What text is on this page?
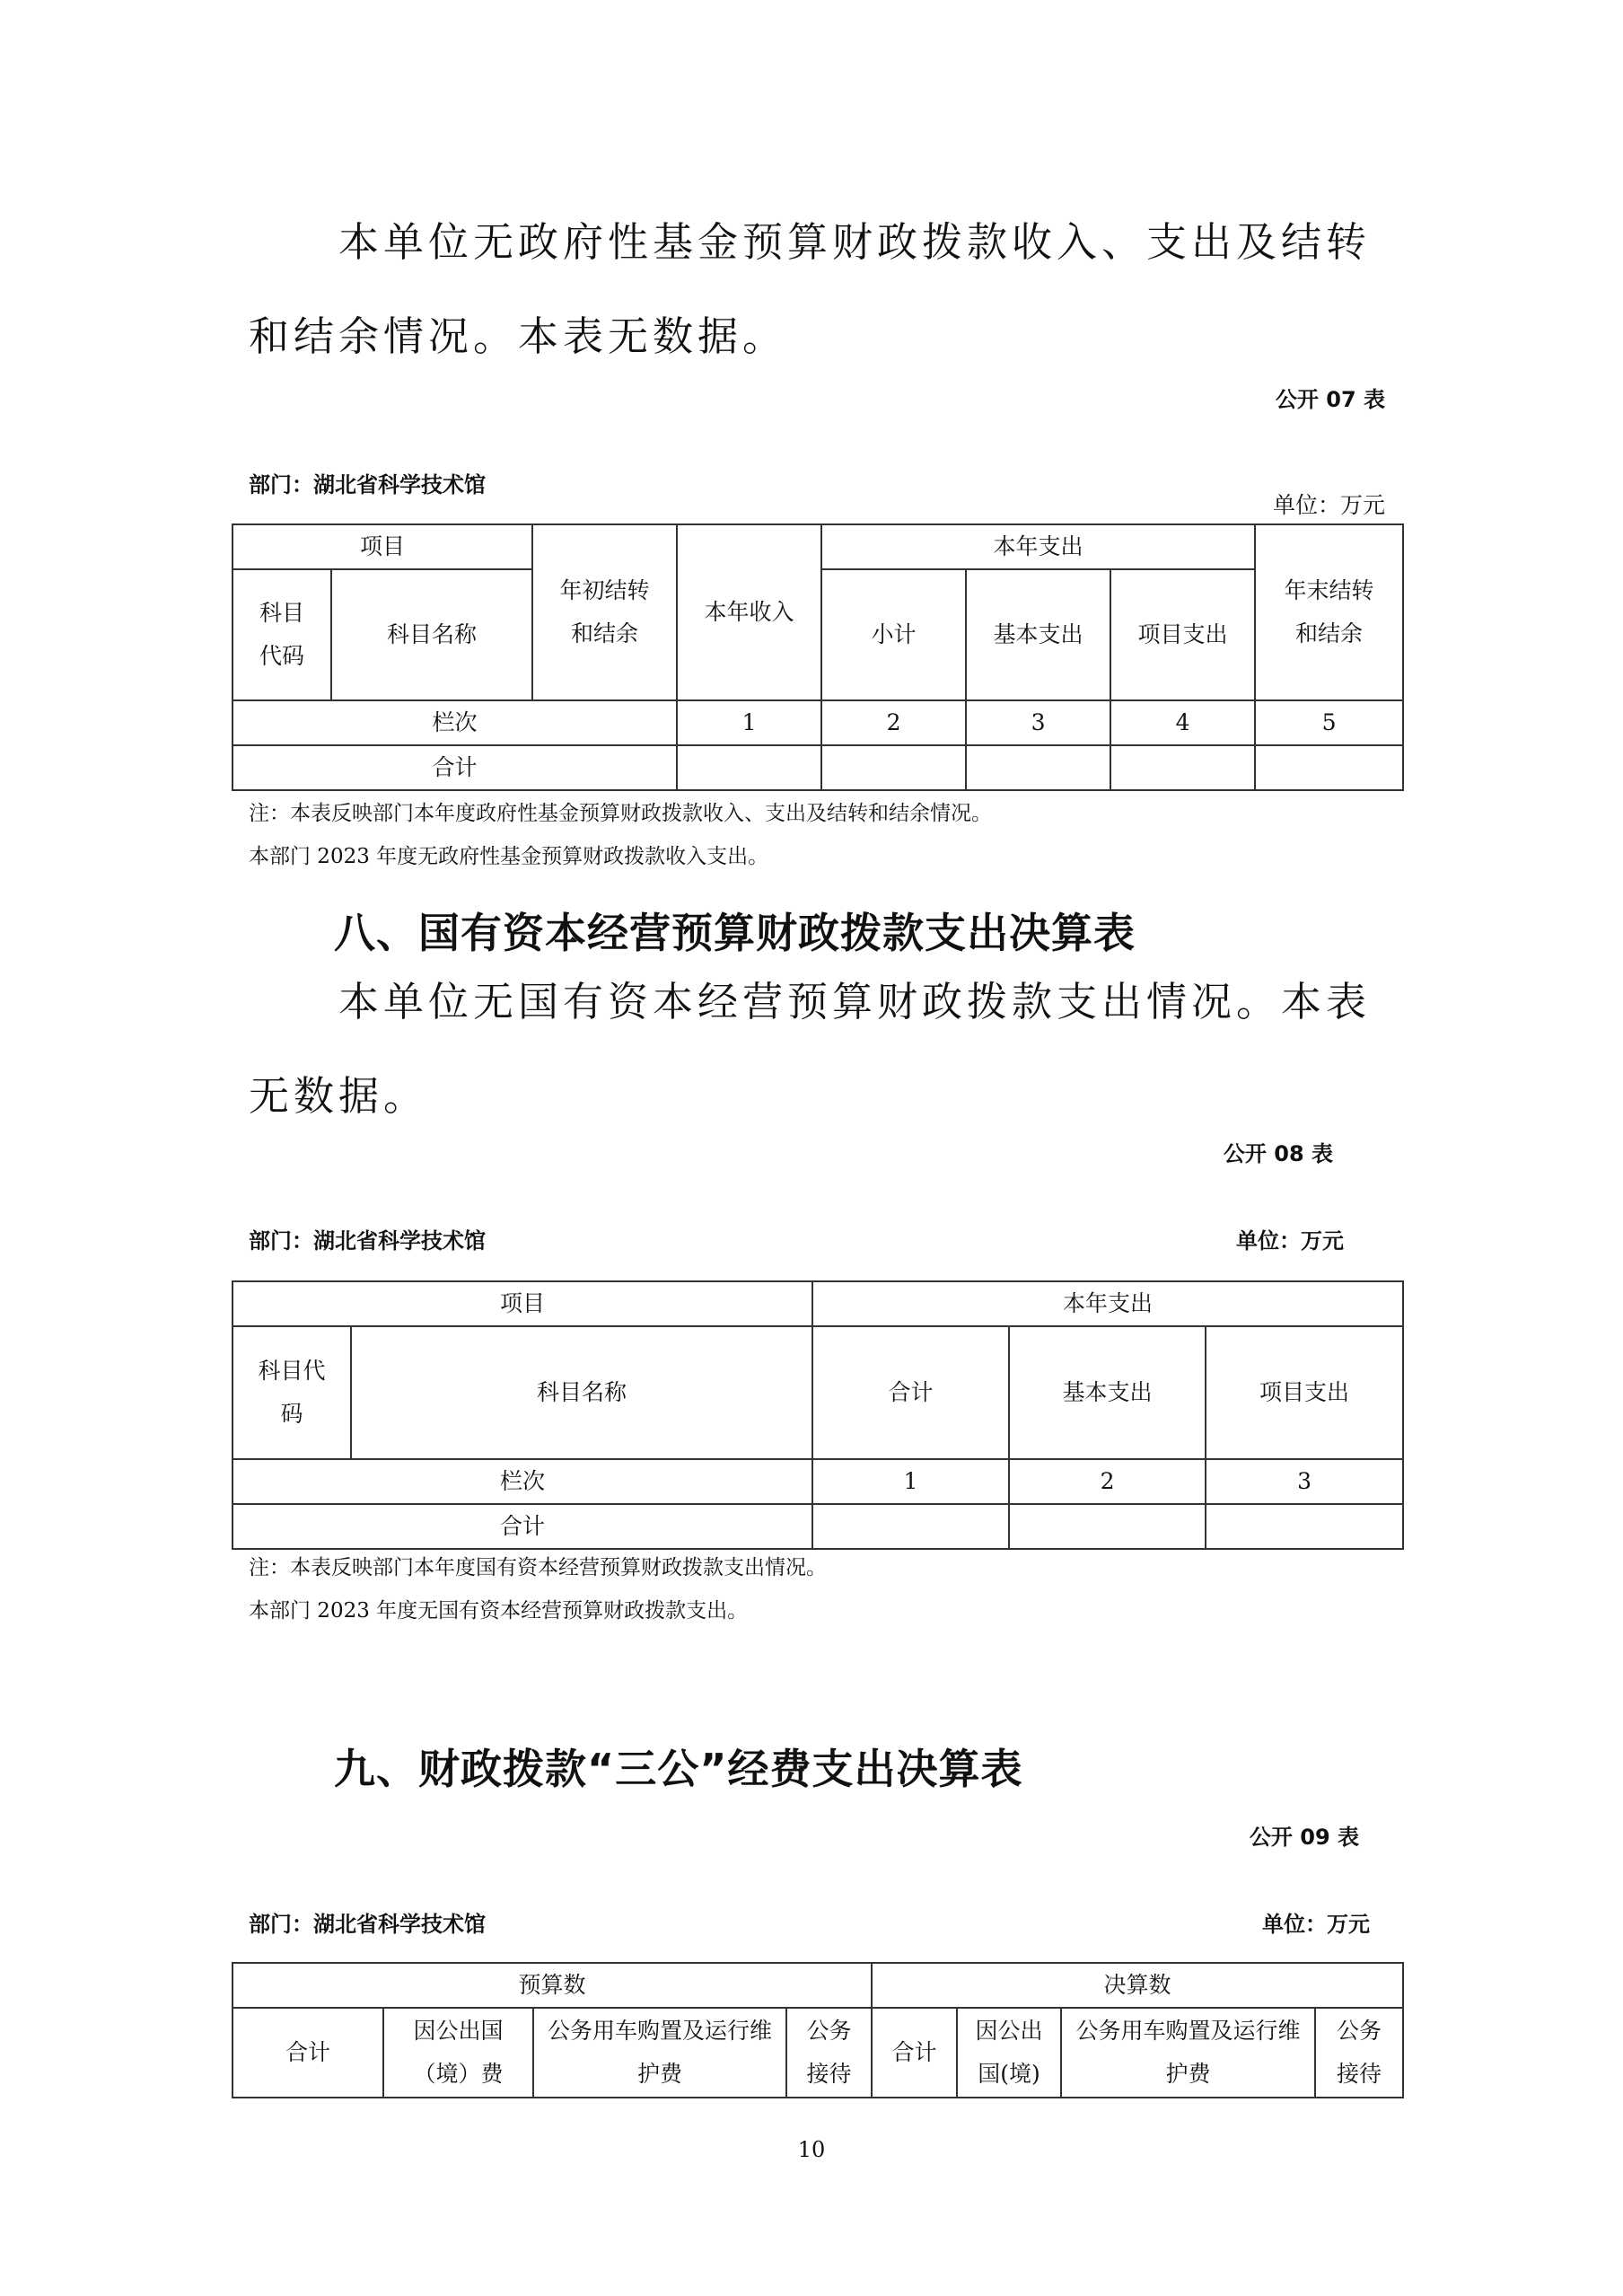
本单位无政府性基金预算财政拨款收入、支出及结转和结余情况。本表无数据。
公开 07 表
部门：湖北省科学技术馆
单位：万元
项目		年初结转和结余	本年收入	本年支出			年末结转和结余

科目代码	科目名称			小计	基本支出	项目支出	
栏次			1	2	3	4	5
合计							
注：本表反映部门本年度政府性基金预算财政拨款收入、支出及结转和结余情况。
本部门 2023 年度无政府性基金预算财政拨款收入支出。
八、国有资本经营预算财政拨款支出决算表
本单位无国有资本经营预算财政拨款支出情况。本表无数据。
公开 08 表
部门：湖北省科学技术馆	单位：万元
项目		本年支出		

科目代码	科目名称	合计	基本支出	项目支出
栏次		1	2	3
合计				
注：本表反映部门本年度国有资本经营预算财政拨款支出情况。
本部门 2023 年度无国有资本经营预算财政拨款支出。
九、财政拨款“三公”经费支出决算表
公开 09 表
部门：湖北省科学技术馆	单位：万元
预算数				决算数			
合计	因公出国（境）费	公务用车购置及运行维护费	公务接待	合计	因公出国(境)	公务用车购置及运行维护费	公务接待
10
